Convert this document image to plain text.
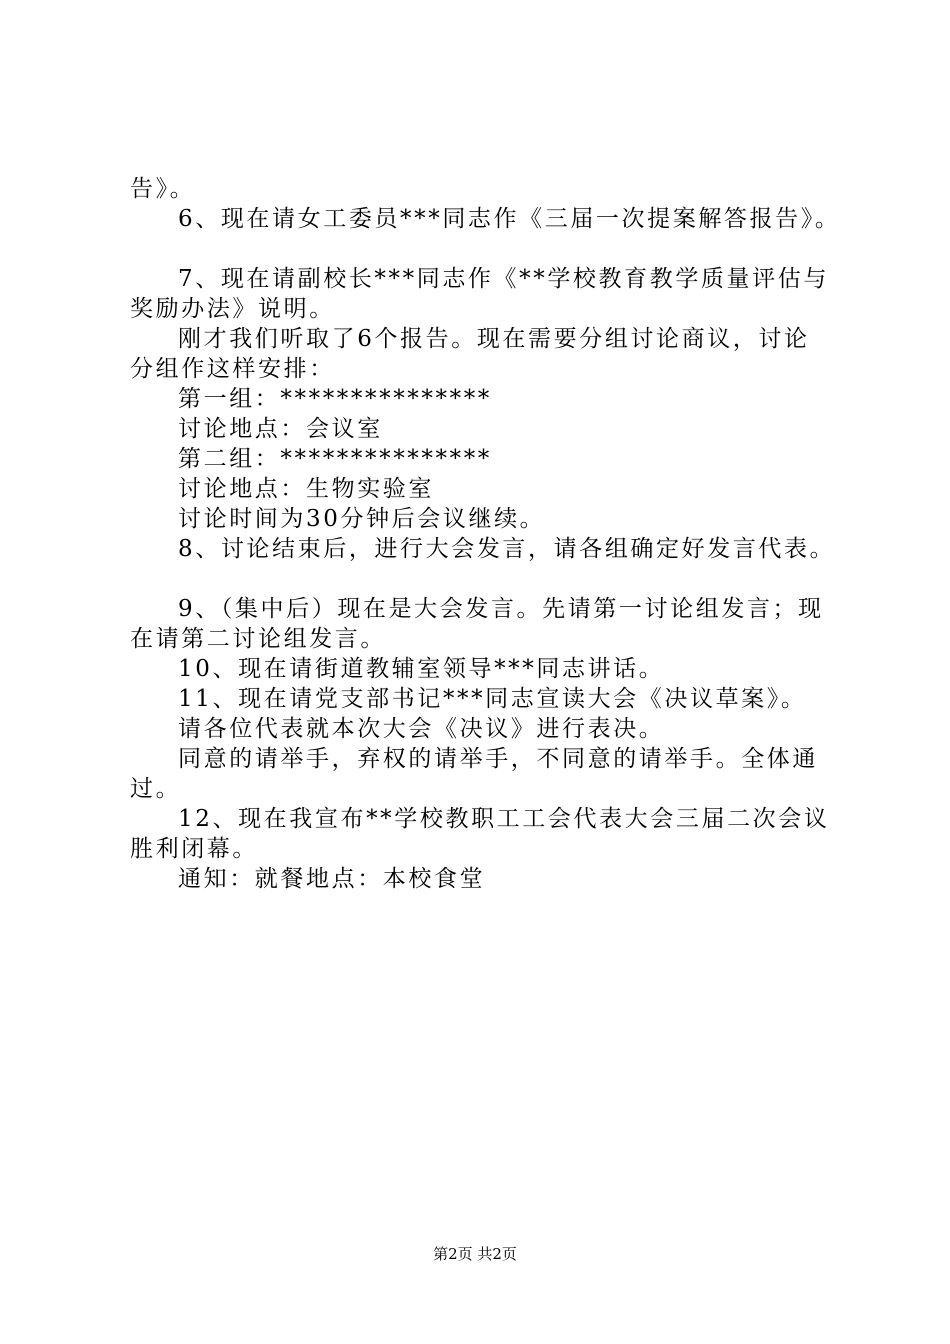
告》。
6、现在请女工委员***同志作《三届一次提案解答报告》。
7、现在请副校长***同志作《**学校教育教学质量评估与
奖励办法》说明。
刚才我们听取了6个报告。现在需要分组讨论商议，讨论
分组作这样安排：
第一组：***************
讨论地点：会议室
第二组：***************
讨论地点：生物实验室
讨论时间为30分钟后会议继续。
8、讨论结束后，进行大会发言，请各组确定好发言代表。
9、（集中后）现在是大会发言。先请第一讨论组发言；现
在请第二讨论组发言。
10、现在请街道教辅室领导***同志讲话。
11、现在请党支部书记***同志宣读大会《决议草案》。
请各位代表就本次大会《决议》进行表决。
同意的请举手，弃权的请举手，不同意的请举手。全体通
过。
12、现在我宣布**学校教职工工会代表大会三届二次会议
胜利闭幕。
通知：就餐地点：本校食堂
第2页 共2页
